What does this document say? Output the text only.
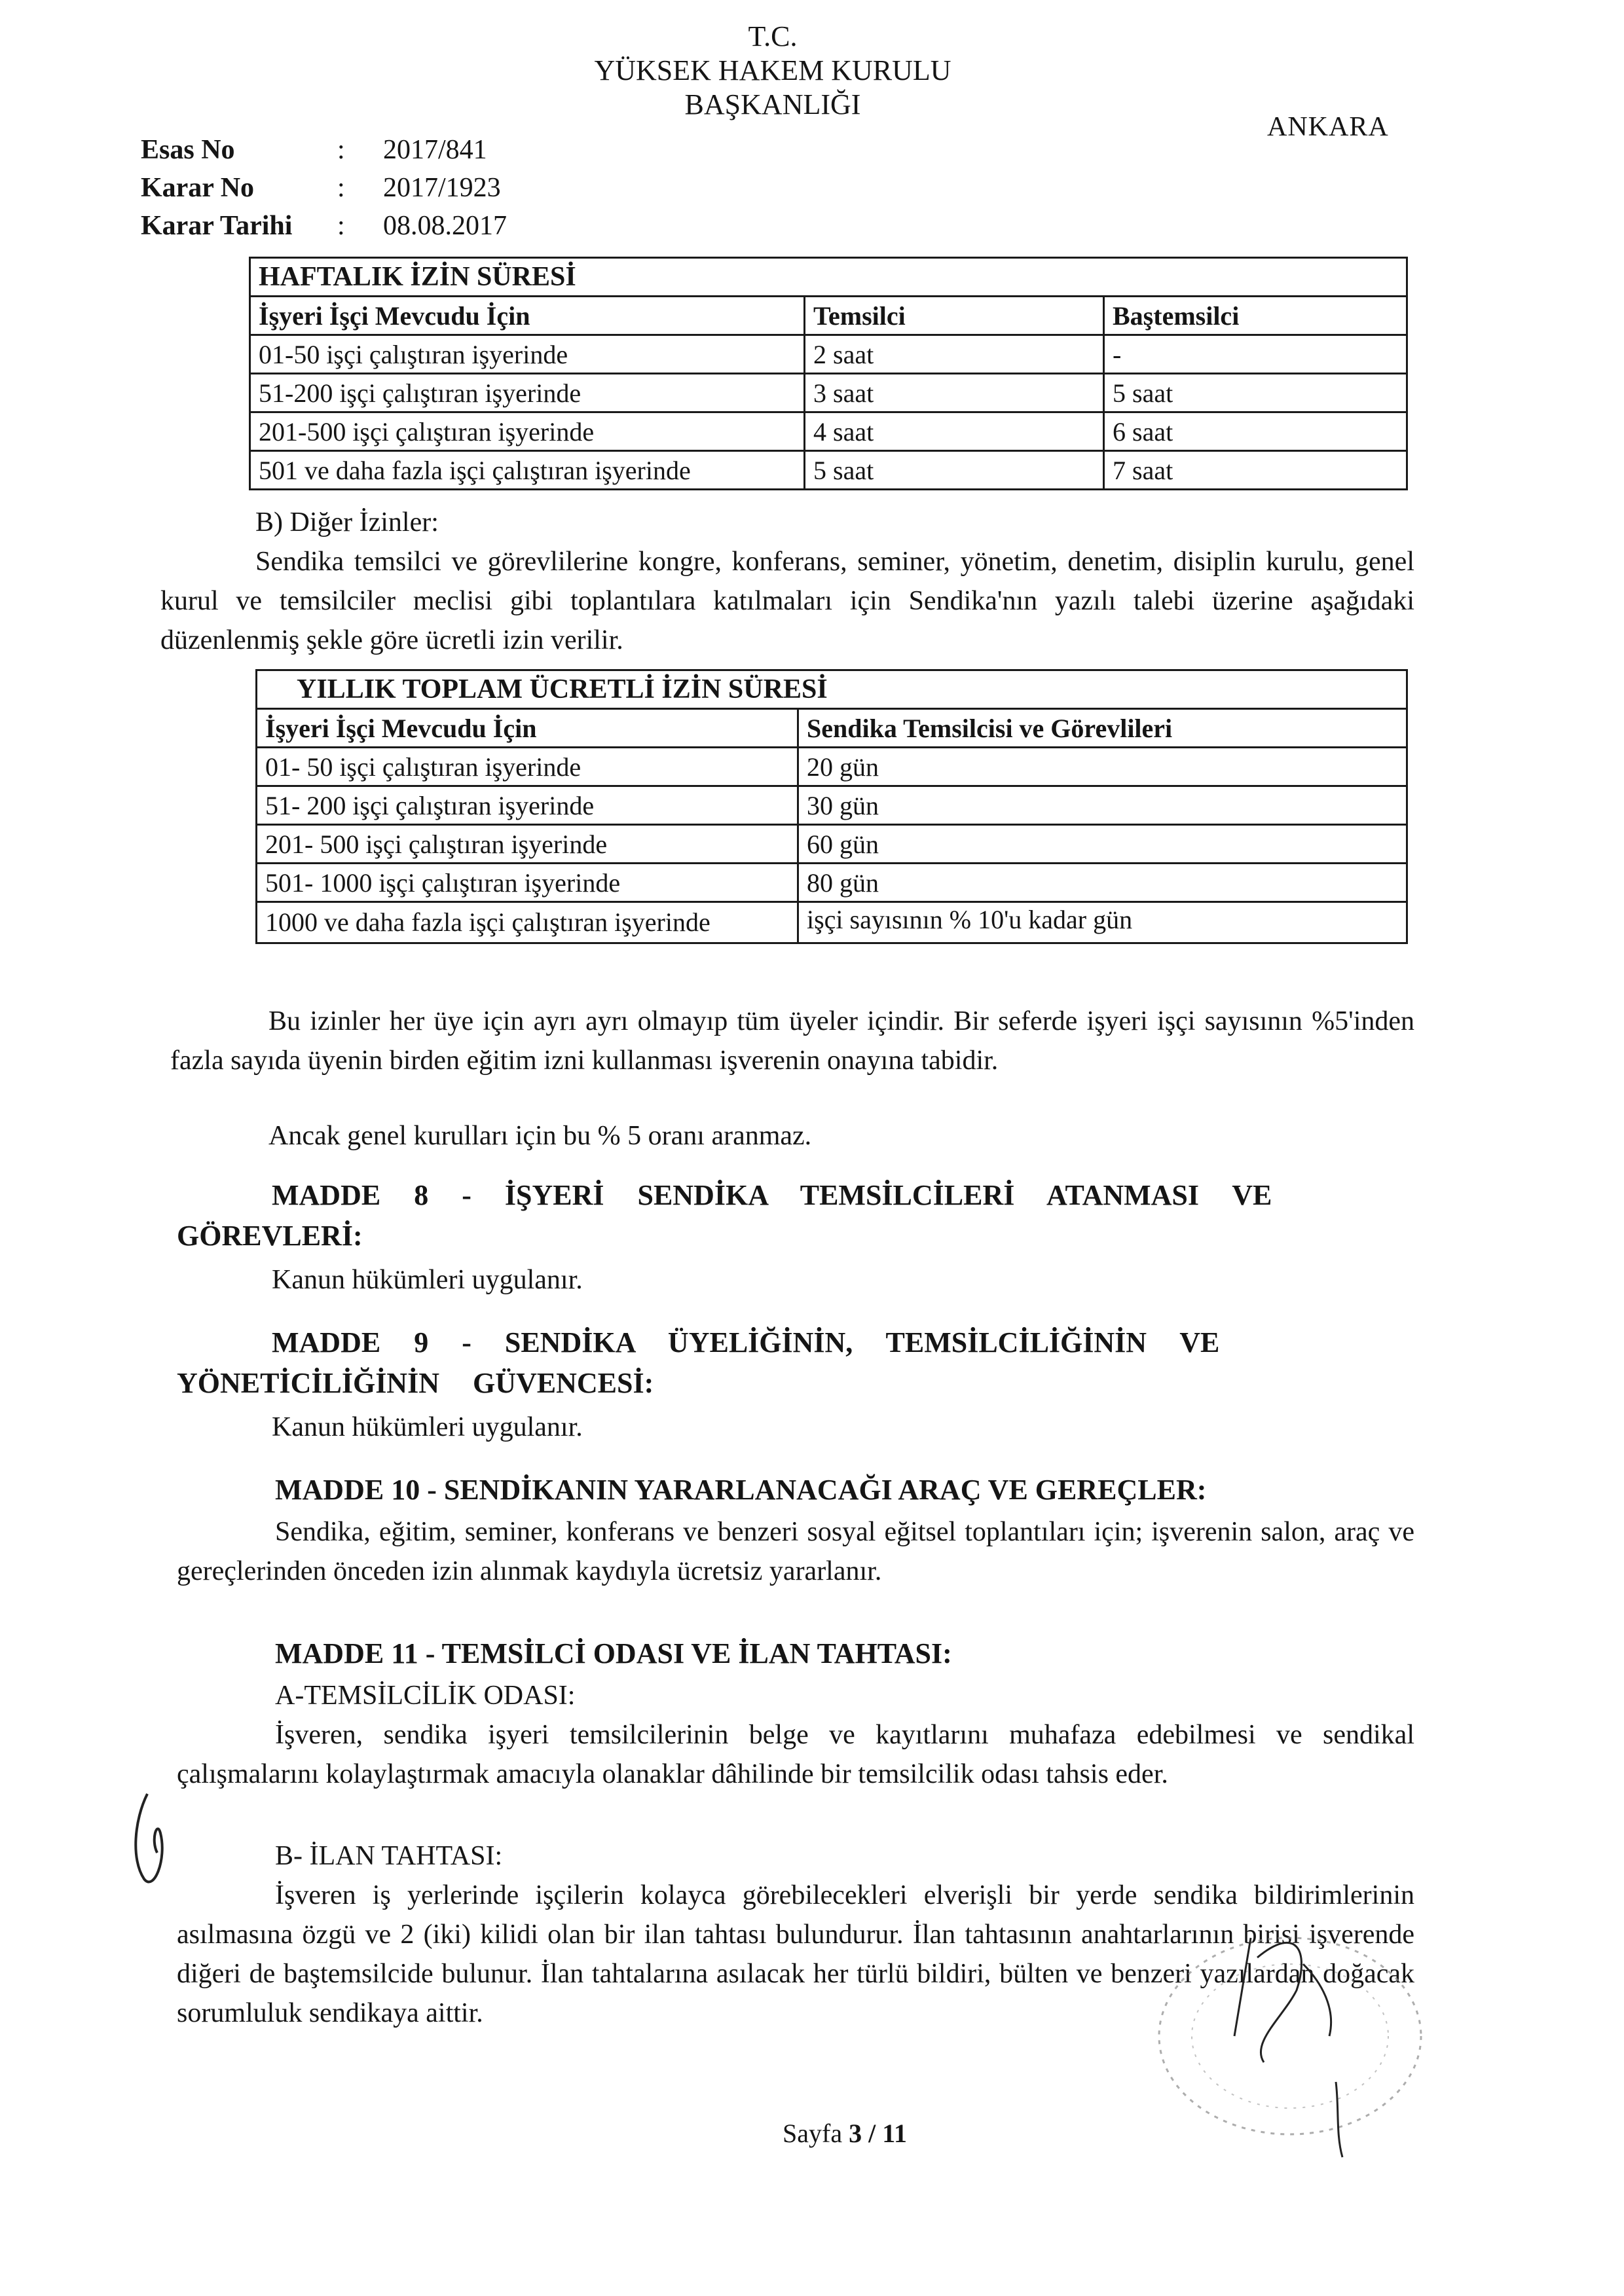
T.C.
YÜKSEK HAKEM KURULU
BAŞKANLIĞI
ANKARA
Esas No	:	2017/841
Karar No	:	2017/1923
Karar Tarihi	:	08.08.2017
HAFTALIK İZİN SÜRESİ		
İşyeri İşçi Mevcudu İçin	Temsilci	Baştemsilci
01-50 işçi çalıştıran işyerinde	2 saat	-
51-200 işçi çalıştıran işyerinde	3 saat	5 saat
201-500 işçi çalıştıran işyerinde	4 saat	6 saat
501 ve daha fazla işçi çalıştıran işyerinde	5 saat	7 saat
B) Diğer İzinler:
Sendika temsilci ve görevlilerine kongre, konferans, seminer, yönetim, denetim, disiplin kurulu, genel kurul ve temsilciler meclisi gibi toplantılara katılmaları için Sendika'nın yazılı talebi üzerine aşağıdaki düzenlenmiş şekle göre ücretli izin verilir.
YILLIK TOPLAM ÜCRETLİ İZİN SÜRESİ	
İşyeri İşçi Mevcudu İçin	Sendika Temsilcisi ve Görevlileri
01- 50 işçi çalıştıran işyerinde	20 gün
51- 200 işçi çalıştıran işyerinde	30 gün
201- 500 işçi çalıştıran işyerinde	60 gün
501- 1000 işçi çalıştıran işyerinde	80 gün
1000 ve daha fazla işçi çalıştıran işyerinde	işçi sayısının % 10'u kadar gün
Bu izinler her üye için ayrı ayrı olmayıp tüm üyeler içindir. Bir seferde işyeri işçi sayısının %5'inden fazla sayıda üyenin birden eğitim izni kullanması işverenin onayına tabidir.
Ancak genel kurulları için bu % 5 oranı aranmaz.
MADDE 8 - İŞYERİ SENDİKA TEMSİLCİLERİ ATANMASI VE GÖREVLERİ:
Kanun hükümleri uygulanır.
MADDE 9 - SENDİKA ÜYELİĞİNİN, TEMSİLCİLİĞİNİN VE YÖNETİCİLİĞİNİN GÜVENCESİ:
Kanun hükümleri uygulanır.
MADDE 10 - SENDİKANIN YARARLANACAĞI ARAÇ VE GEREÇLER:
Sendika, eğitim, seminer, konferans ve benzeri sosyal eğitsel toplantıları için; işverenin salon, araç ve gereçlerinden önceden izin alınmak kaydıyla ücretsiz yararlanır.
MADDE 11 - TEMSİLCİ ODASI VE İLAN TAHTASI:
A-TEMSİLCİLİK ODASI:
İşveren, sendika işyeri temsilcilerinin belge ve kayıtlarını muhafaza edebilmesi ve sendikal çalışmalarını kolaylaştırmak amacıyla olanaklar dâhilinde bir temsilcilik odası tahsis eder.
B- İLAN TAHTASI:
İşveren iş yerlerinde işçilerin kolayca görebilecekleri elverişli bir yerde sendika bildirimlerinin asılmasına özgü ve 2 (iki) kilidi olan bir ilan tahtası bulundurur. İlan tahtasının anahtarlarının birisi işverende diğeri de baştemsilcide bulunur. İlan tahtalarına asılacak her türlü bildiri, bülten ve benzeri yazılardan doğacak sorumluluk sendikaya aittir.
Sayfa 3 / 11
